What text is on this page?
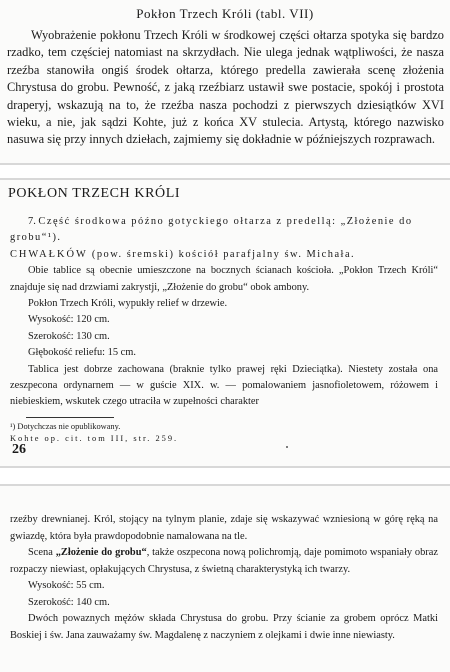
Pokłon Trzech Króli (tabl. VII)

Wyobrażenie pokłonu Trzech Króli w środkowej części ołtarza spotyka się bardzo rzadko, tem częściej natomiast na skrzydłach. Nie ulega jednak wątpliwości, że nasza rzeźba stanowiła ongiś środek ołtarza, którego predella zawierała scenę złożenia Chrystusa do grobu. Pewność, z jaką rzeźbiarz ustawił swe postacie, spokój i prostota draperyj, wskazują na to, że rzeźba nasza pochodzi z pierwszych dziesiątków XVI wieku, a nie, jak sądzi Kohte, już z końca XV stulecia. Artystą, którego nazwisko nasuwa się przy innych dziełach, zajmiemy się dokładnie w późniejszych rozprawach.

POKŁON TRZECH KRÓLI

7. Część środkowa późno gotyckiego ołtarza z predellą: „Złożenie do grobu“¹).

CHWAŁKÓW (pow. śremski) kościół parafjalny św. Michała.

Obie tablice są obecnie umieszczone na bocznych ścianach kościoła. „Pokłon Trzech Króli“ znajduje się nad drzwiami zakrystji, „Złożenie do grobu“ obok ambony.

Pokłon Trzech Króli, wypukły relief w drzewie.

Wysokość: 120 cm.

Szerokość: 130 cm.

Głębokość reliefu: 15 cm.

Tablica jest dobrze zachowana (braknie tylko prawej ręki Dzieciątka). Niestety została ona zeszpecona ordynarnem — w guście XIX. w. — pomalowaniem jasnofioletowem, różowem i niebieskiem, wskutek czego utraciła w zupełności charakter

¹) Dotychczas nie opublikowany.

Kohte op. cit. tom III, str. 259.

26

rzeźby drewnianej. Król, stojący na tylnym planie, zdaje się wskazywać wzniesioną w górę ręką na gwiazdę, która była prawdopodobnie namalowana na tle.

Scena „Złożenie do grobu“, także oszpecona nową polichromją, daje pomimoto wspaniały obraz rozpaczy niewiast, opłakujących Chrystusa, z świetną charakterystyką ich twarzy.

Wysokość: 55 cm.

Szerokość: 140 cm.

Dwóch powaznych mężów składa Chrystusa do grobu. Przy ścianie za grobem oprócz Matki Boskiej i św. Jana zauważamy św. Magdalenę z naczyniem z olejkami i dwie inne niewiasty.
